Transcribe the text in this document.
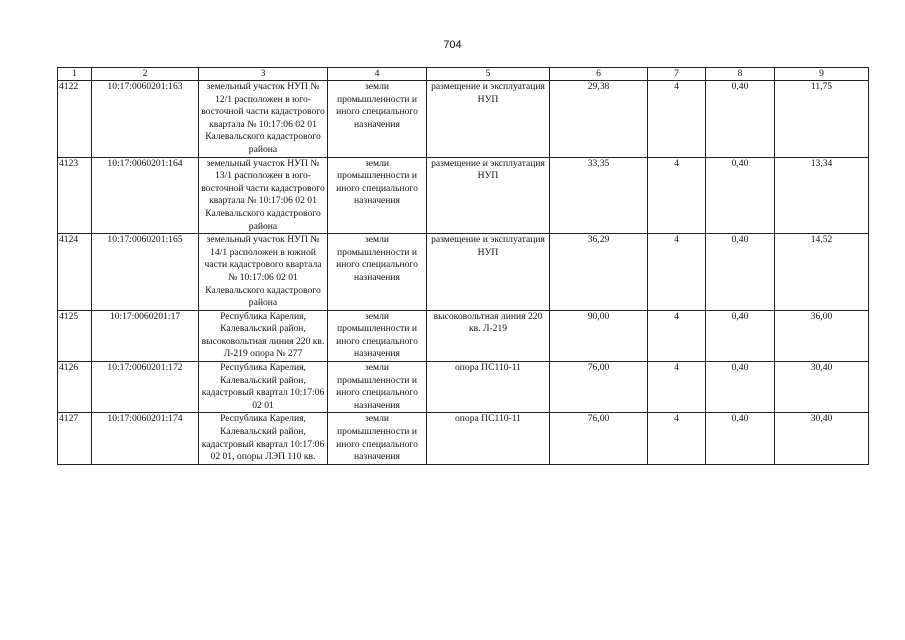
704
1	2	3	4	5	6	7	8	9
4122	10:17:0060201:163	земельный участок НУП № 12/1 расположен в юго-восточной части кадастрового квартала № 10:17:06 02 01 Калевальского кадастрового района	земли промышленности и иного специального назначения	размещение и эксплуатация НУП	29,38	4	0,40	11,75
4123	10:17:0060201:164	земельный участок НУП № 13/1 расположен в юго-восточной части кадастрового квартала № 10:17:06 02 01 Калевальского кадастрового района	земли промышленности и иного специального назначения	размещение и эксплуатация НУП	33,35	4	0,40	13,34
4124	10:17:0060201:165	земельный участок НУП № 14/1 расположен в южной части кадастрового квартала № 10:17:06 02 01 Калевальского кадастрового района	земли промышленности и иного специального назначения	размещение и эксплуатация НУП	36,29	4	0,40	14,52
4125	10:17:0060201:17	Республика Карелия, Калевальский район, высоковольтная линия 220 кв. Л-219 опора № 277	земли промышленности и иного специального назначения	высоковольтная линия 220 кв. Л-219	90,00	4	0,40	36,00
4126	10:17:0060201:172	Республика Карелия, Калевальский район, кадастровый квартал 10:17:06 02 01	земли промышленности и иного специального назначения	опора ПС110-11	76,00	4	0,40	30,40
4127	10:17:0060201:174	Республика Карелия, Калевальский район, кадастровый квартал 10:17:06 02 01, опоры ЛЭП 110 кв.	земли промышленности и иного специального назначения	опора ПС110-11	76,00	4	0,40	30,40
